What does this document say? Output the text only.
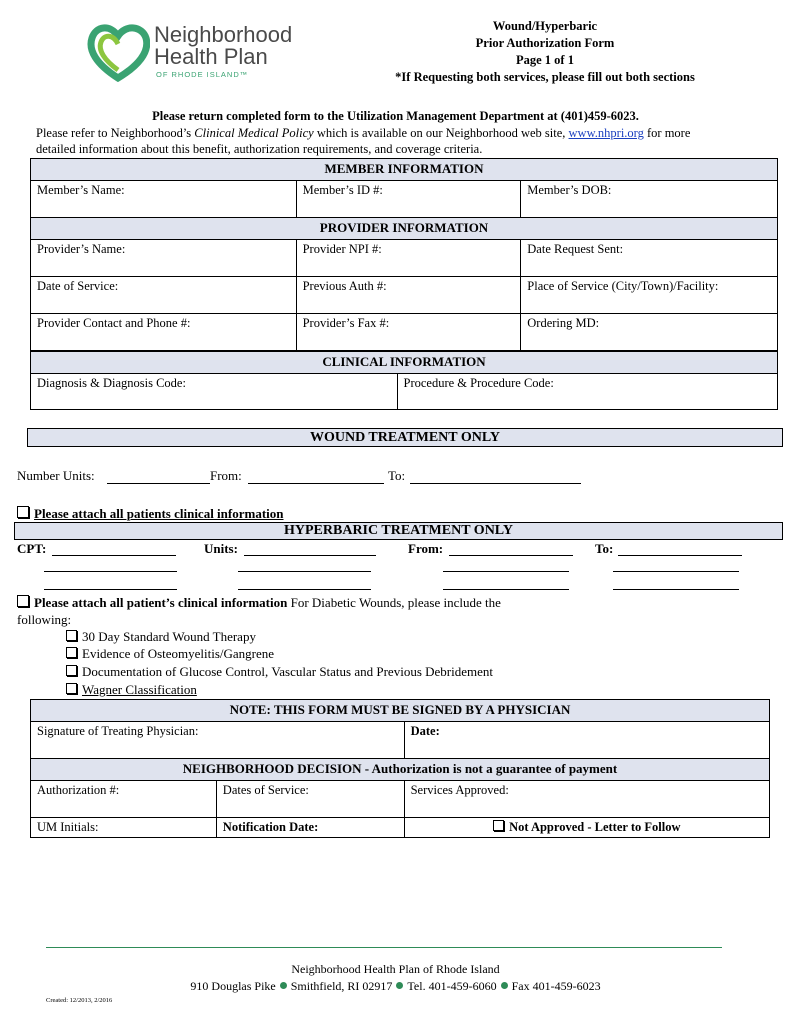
Neighborhood
Health Plan
OF RHODE ISLAND™
Wound/Hyperbaric
Prior Authorization Form
Page 1 of 1
*If Requesting both services, please fill out both sections
Please return completed form to the Utilization Management Department at (401)459-6023.
Please refer to Neighborhood’s Clinical Medical Policy which is available on our Neighborhood web site, www.nhpri.org for more
detailed information about this benefit, authorization requirements, and coverage criteria.
MEMBER INFORMATION		
Member’s Name:	Member’s ID #:	Member’s DOB:
PROVIDER INFORMATION		
Provider’s Name:	Provider NPI #:	Date Request Sent:
Date of Service:	Previous Auth #:	Place of Service (City/Town)/Facility:
Provider Contact and Phone #:	Provider’s Fax #:	Ordering MD:
CLINICAL INFORMATION
Diagnosis & Diagnosis Code:	Procedure & Procedure Code:
WOUND TREATMENT ONLY
Number Units:	From:	To:
Please attach all patients clinical information
HYPERBARIC TREATMENT ONLY
CPT:	Units:	From:	To:
Please attach all patient’s clinical information For Diabetic Wounds, please include the
following:
30 Day Standard Wound Therapy
Evidence of Osteomyelitis/Gangrene
Documentation of Glucose Control, Vascular Status and Previous Debridement
Wagner Classification
NOTE: THIS FORM MUST BE SIGNED BY A PHYSICIAN		
Signature of Treating Physician:		Date:
NEIGHBORHOOD DECISION - Authorization is not a guarantee of payment		
Authorization #:	Dates of Service:	Services Approved:
UM Initials:	Notification Date:	Not Approved - Letter to Follow
Neighborhood Health Plan of Rhode Island
910 Douglas Pike Smithfield, RI 02917 Tel. 401-459-6060 Fax 401-459-6023
Created: 12/2013, 2/2016
